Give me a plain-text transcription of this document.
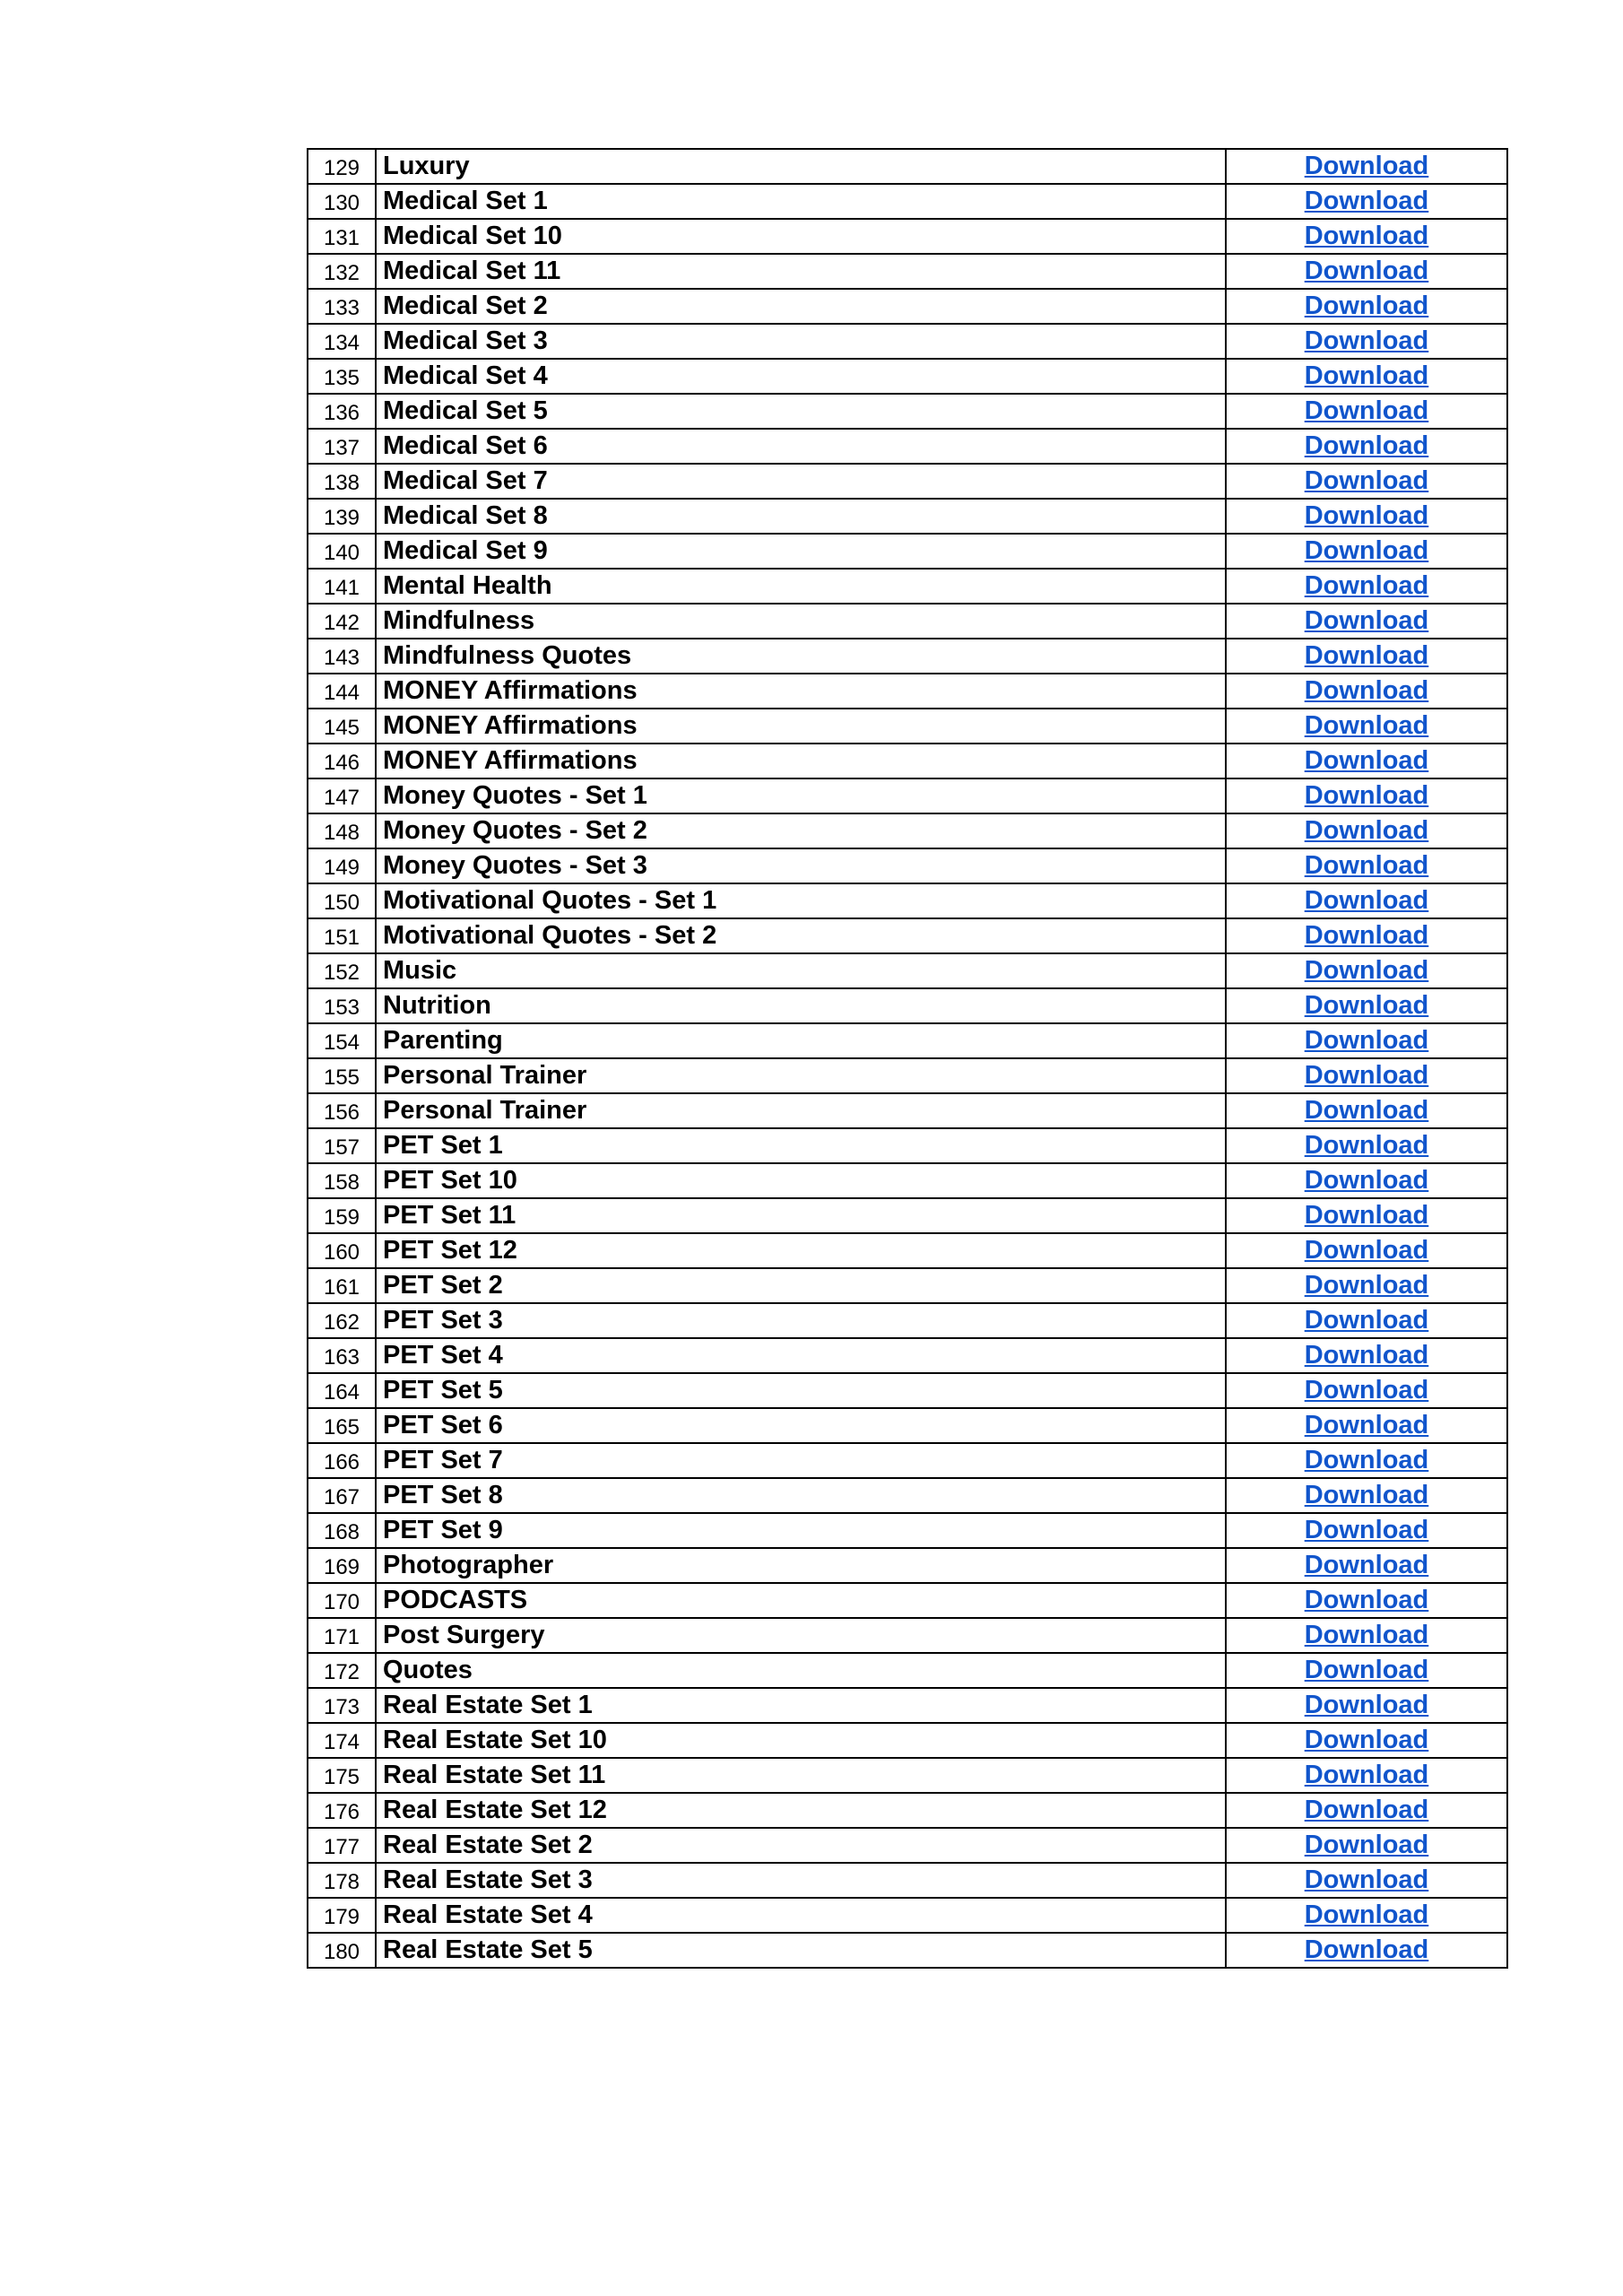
129	Luxury	Download
130	Medical Set 1	Download
131	Medical Set 10	Download
132	Medical Set 11	Download
133	Medical Set 2	Download
134	Medical Set 3	Download
135	Medical Set 4	Download
136	Medical Set 5	Download
137	Medical Set 6	Download
138	Medical Set 7	Download
139	Medical Set 8	Download
140	Medical Set 9	Download
141	Mental Health	Download
142	Mindfulness	Download
143	Mindfulness Quotes	Download
144	MONEY Affirmations	Download
145	MONEY Affirmations	Download
146	MONEY Affirmations	Download
147	Money Quotes - Set 1	Download
148	Money Quotes - Set 2	Download
149	Money Quotes - Set 3	Download
150	Motivational Quotes - Set 1	Download
151	Motivational Quotes - Set 2	Download
152	Music	Download
153	Nutrition	Download
154	Parenting	Download
155	Personal Trainer	Download
156	Personal Trainer	Download
157	PET Set 1	Download
158	PET Set 10	Download
159	PET Set 11	Download
160	PET Set 12	Download
161	PET Set 2	Download
162	PET Set 3	Download
163	PET Set 4	Download
164	PET Set 5	Download
165	PET Set 6	Download
166	PET Set 7	Download
167	PET Set 8	Download
168	PET Set 9	Download
169	Photographer	Download
170	PODCASTS	Download
171	Post Surgery	Download
172	Quotes	Download
173	Real Estate Set 1	Download
174	Real Estate Set 10	Download
175	Real Estate Set 11	Download
176	Real Estate Set 12	Download
177	Real Estate Set 2	Download
178	Real Estate Set 3	Download
179	Real Estate Set 4	Download
180	Real Estate Set 5	Download
